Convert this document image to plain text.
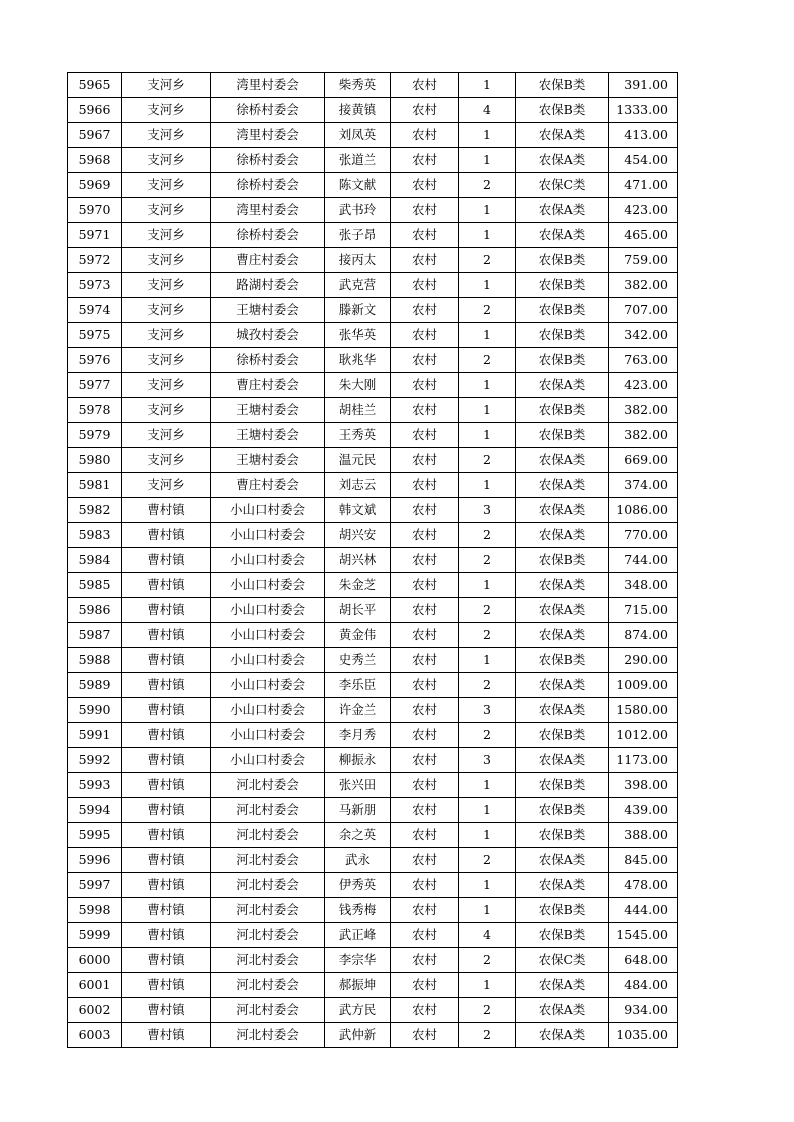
5965	支河乡	湾里村委会	柴秀英	农村	1	农保B类	391.00
5966	支河乡	徐桥村委会	接黄镇	农村	4	农保B类	1333.00
5967	支河乡	湾里村委会	刘凤英	农村	1	农保A类	413.00
5968	支河乡	徐桥村委会	张道兰	农村	1	农保A类	454.00
5969	支河乡	徐桥村委会	陈文献	农村	2	农保C类	471.00
5970	支河乡	湾里村委会	武书玲	农村	1	农保A类	423.00
5971	支河乡	徐桥村委会	张子昂	农村	1	农保A类	465.00
5972	支河乡	曹庄村委会	接丙太	农村	2	农保B类	759.00
5973	支河乡	路湖村委会	武克营	农村	1	农保B类	382.00
5974	支河乡	王塘村委会	滕新文	农村	2	农保B类	707.00
5975	支河乡	城孜村委会	张华英	农村	1	农保B类	342.00
5976	支河乡	徐桥村委会	耿兆华	农村	2	农保B类	763.00
5977	支河乡	曹庄村委会	朱大刚	农村	1	农保A类	423.00
5978	支河乡	王塘村委会	胡桂兰	农村	1	农保B类	382.00
5979	支河乡	王塘村委会	王秀英	农村	1	农保B类	382.00
5980	支河乡	王塘村委会	温元民	农村	2	农保A类	669.00
5981	支河乡	曹庄村委会	刘志云	农村	1	农保A类	374.00
5982	曹村镇	小山口村委会	韩文斌	农村	3	农保A类	1086.00
5983	曹村镇	小山口村委会	胡兴安	农村	2	农保A类	770.00
5984	曹村镇	小山口村委会	胡兴林	农村	2	农保B类	744.00
5985	曹村镇	小山口村委会	朱金芝	农村	1	农保A类	348.00
5986	曹村镇	小山口村委会	胡长平	农村	2	农保A类	715.00
5987	曹村镇	小山口村委会	黄金伟	农村	2	农保A类	874.00
5988	曹村镇	小山口村委会	史秀兰	农村	1	农保B类	290.00
5989	曹村镇	小山口村委会	李乐臣	农村	2	农保A类	1009.00
5990	曹村镇	小山口村委会	许金兰	农村	3	农保A类	1580.00
5991	曹村镇	小山口村委会	李月秀	农村	2	农保B类	1012.00
5992	曹村镇	小山口村委会	柳振永	农村	3	农保A类	1173.00
5993	曹村镇	河北村委会	张兴田	农村	1	农保B类	398.00
5994	曹村镇	河北村委会	马新朋	农村	1	农保B类	439.00
5995	曹村镇	河北村委会	余之英	农村	1	农保B类	388.00
5996	曹村镇	河北村委会	武永	农村	2	农保A类	845.00
5997	曹村镇	河北村委会	伊秀英	农村	1	农保A类	478.00
5998	曹村镇	河北村委会	钱秀梅	农村	1	农保B类	444.00
5999	曹村镇	河北村委会	武正峰	农村	4	农保B类	1545.00
6000	曹村镇	河北村委会	李宗华	农村	2	农保C类	648.00
6001	曹村镇	河北村委会	郝振坤	农村	1	农保A类	484.00
6002	曹村镇	河北村委会	武方民	农村	2	农保A类	934.00
6003	曹村镇	河北村委会	武仲新	农村	2	农保A类	1035.00
